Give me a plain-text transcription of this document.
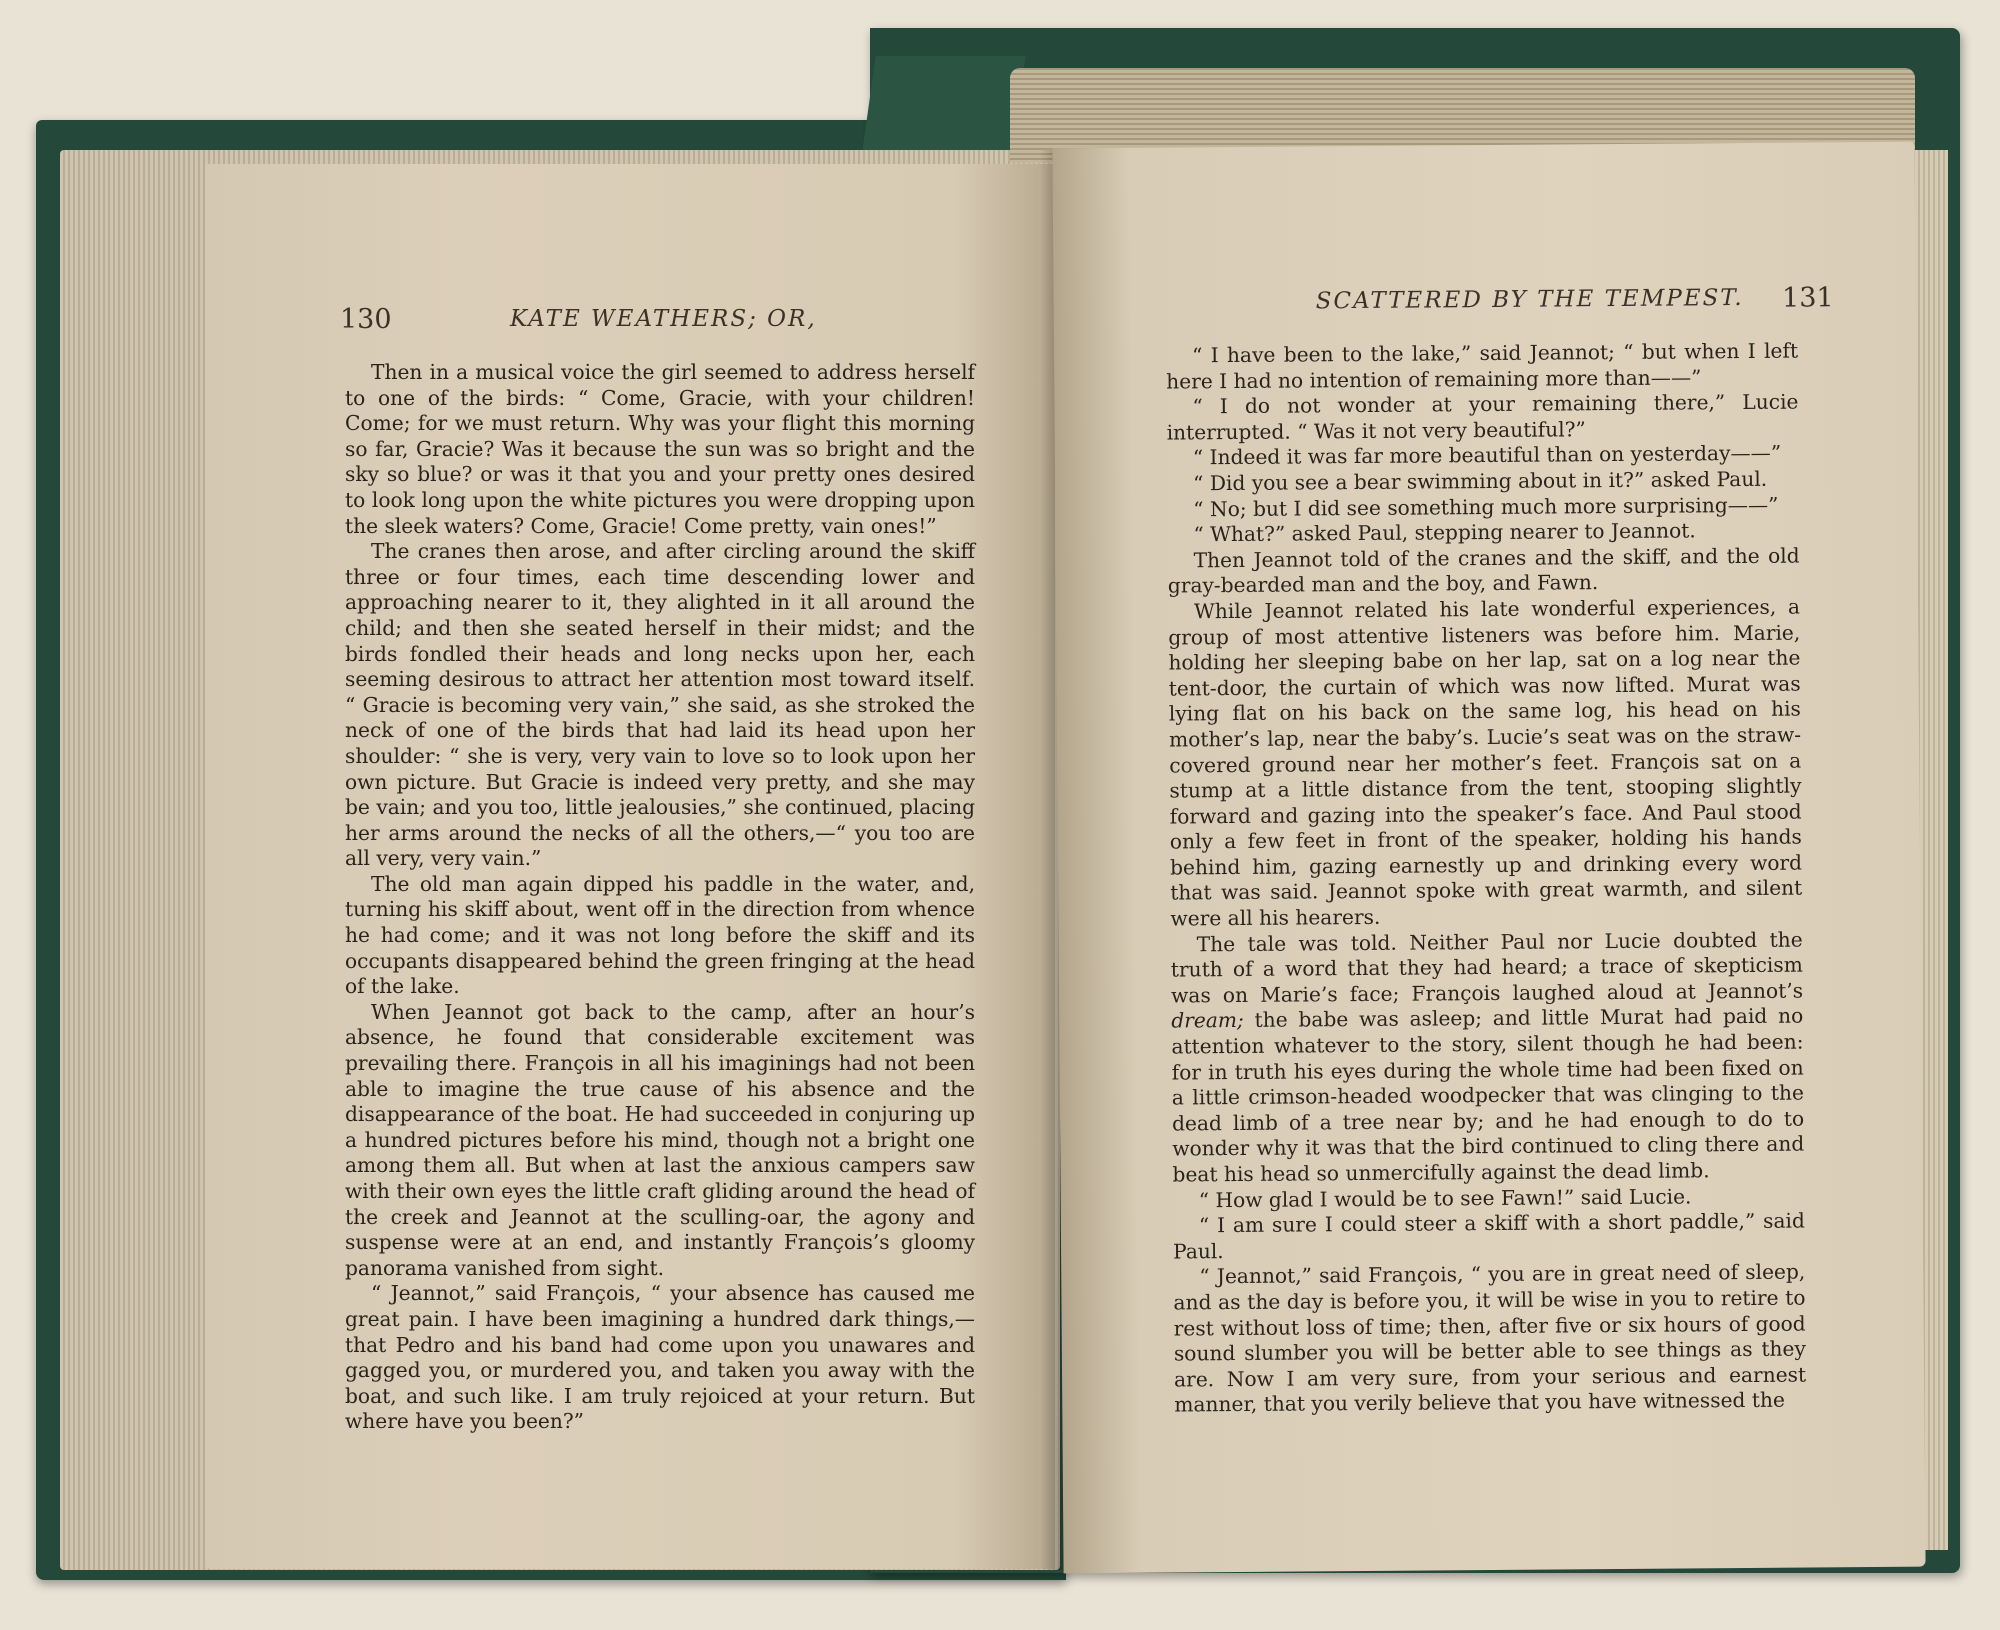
130	KATE WEATHERS; OR,

Then in a musical voice the girl seemed to address herself to one of the birds: “ Come, Gracie, with your children! Come; for we must return. Why was your flight this morning so far, Gracie? Was it because the sun was so bright and the sky so blue? or was it that you and your pretty ones desired to look long upon the white pictures you were dropping upon the sleek waters? Come, Gracie! Come pretty, vain ones!”

The cranes then arose, and after circling around the skiff three or four times, each time descending lower and approaching nearer to it, they alighted in it all around the child; and then she seated herself in their midst; and the birds fondled their heads and long necks upon her, each seeming desirous to attract her attention most toward itself. “ Gracie is becoming very vain,” she said, as she stroked the neck of one of the birds that had laid its head upon her shoulder: “ she is very, very vain to love so to look upon her own picture. But Gracie is indeed very pretty, and she may be vain; and you too, little jealousies,” she continued, placing her arms around the necks of all the others,—“ you too are all very, very vain.”

The old man again dipped his paddle in the water, and, turning his skiff about, went off in the direction from whence he had come; and it was not long before the skiff and its occupants disappeared behind the green fringing at the head of the lake.

When Jeannot got back to the camp, after an hour’s absence, he found that considerable excitement was prevailing there. François in all his imaginings had not been able to imagine the true cause of his absence and the disappearance of the boat. He had succeeded in conjuring up a hundred pictures before his mind, though not a bright one among them all. But when at last the anxious campers saw with their own eyes the little craft gliding around the head of the creek and Jeannot at the sculling-oar, the agony and suspense were at an end, and instantly François’s gloomy panorama vanished from sight.

“ Jeannot,” said François, “ your absence has caused me great pain. I have been imagining a hundred dark things,—that Pedro and his band had come upon you unawares and gagged you, or murdered you, and taken you away with the boat, and such like. I am truly rejoiced at your return. But where have you been?”

SCATTERED BY THE TEMPEST. 131

“ I have been to the lake,” said Jeannot; “ but when I left here I had no intention of remaining more than——”

“ I do not wonder at your remaining there,” Lucie interrupted. “ Was it not very beautiful?”

“ Indeed it was far more beautiful than on yesterday——”

“ Did you see a bear swimming about in it?” asked Paul.

“ No; but I did see something much more surprising——”

“ What?” asked Paul, stepping nearer to Jeannot.

Then Jeannot told of the cranes and the skiff, and the old gray-bearded man and the boy, and Fawn.

While Jeannot related his late wonderful experiences, a group of most attentive listeners was before him. Marie, holding her sleeping babe on her lap, sat on a log near the tent-door, the curtain of which was now lifted. Murat was lying flat on his back on the same log, his head on his mother’s lap, near the baby’s. Lucie’s seat was on the straw-covered ground near her mother’s feet. François sat on a stump at a little distance from the tent, stooping slightly forward and gazing into the speaker’s face. And Paul stood only a few feet in front of the speaker, holding his hands behind him, gazing earnestly up and drinking every word that was said. Jeannot spoke with great warmth, and silent were all his hearers.

The tale was told. Neither Paul nor Lucie doubted the truth of a word that they had heard; a trace of skepticism was on Marie’s face; François laughed aloud at Jeannot’s dream; the babe was asleep; and little Murat had paid no attention whatever to the story, silent though he had been: for in truth his eyes during the whole time had been fixed on a little crimson-headed woodpecker that was clinging to the dead limb of a tree near by; and he had enough to do to wonder why it was that the bird continued to cling there and beat his head so unmercifully against the dead limb.

“ How glad I would be to see Fawn!” said Lucie.

“ I am sure I could steer a skiff with a short paddle,” said Paul.

“ Jeannot,” said François, “ you are in great need of sleep, and as the day is before you, it will be wise in you to retire to rest without loss of time; then, after five or six hours of good sound slumber you will be better able to see things as they are. Now I am very sure, from your serious and earnest manner, that you verily believe that you have witnessed the
